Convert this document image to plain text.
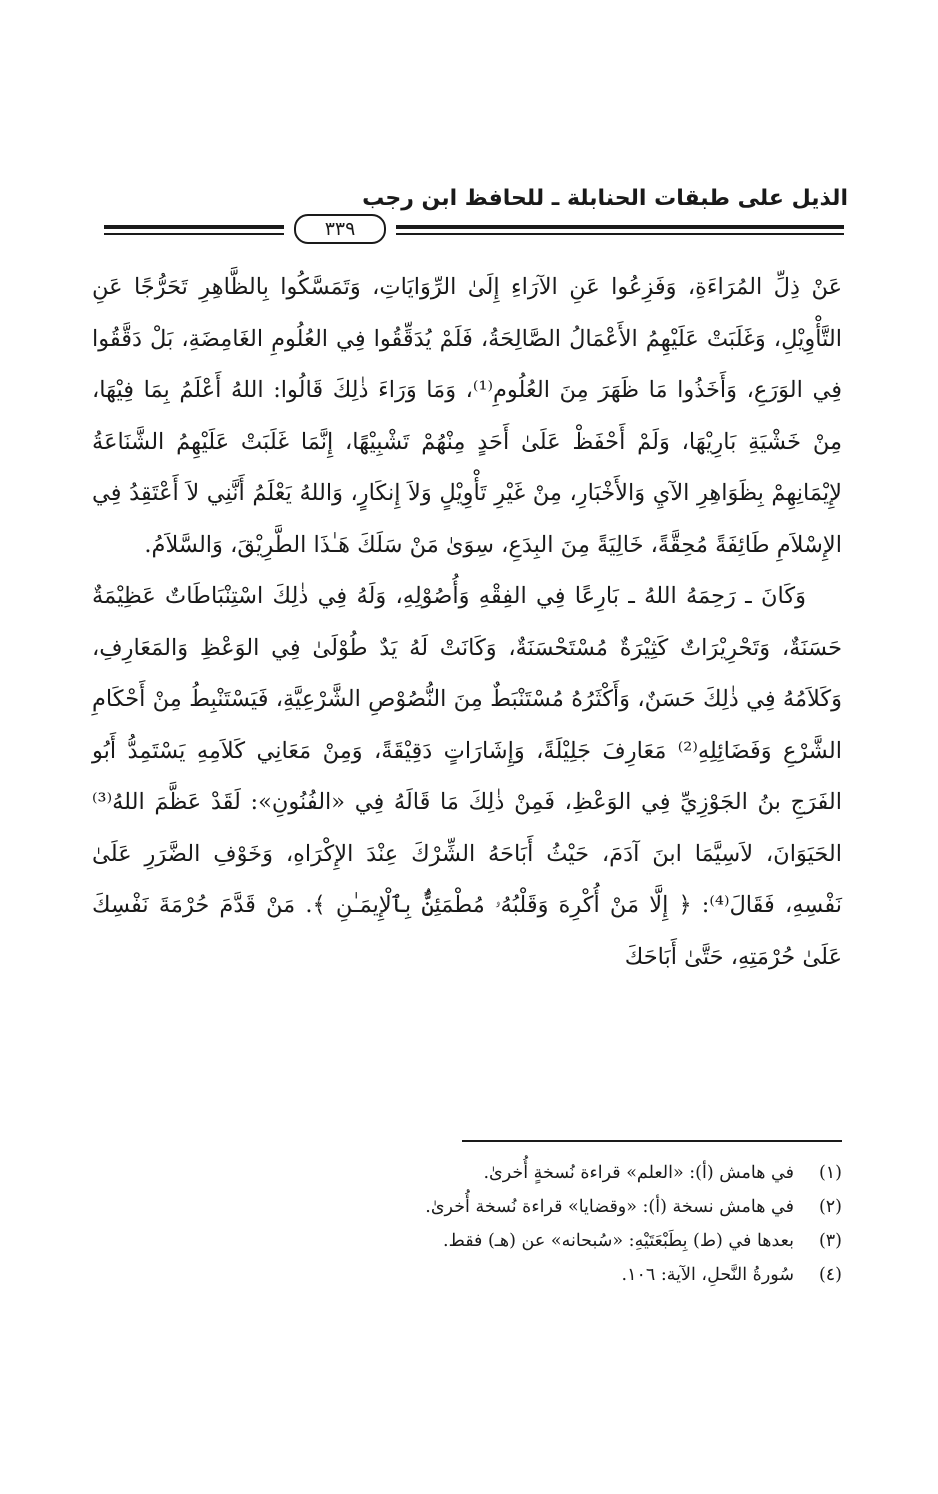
الذيل على طبقات الحنابلة ـ للحافظ ابن رجب
٣٣٩

عَنْ ذِلِّ المُرَاءَةِ، وَفَزِعُوا عَنِ الآرَاءِ إِلَىٰ الرِّوَايَاتِ، وَتَمَسَّكُوا بِالظَّاهِرِ تَحَرُّجًا عَنِ التَّأْوِيْلِ، وَغَلَبَتْ عَلَيْهِمُ الأَعْمَالُ الصَّالِحَةُ، فَلَمْ يُدَقِّقُوا فِي العُلُومِ الغَامِضَةِ، بَلْ دَقَّقُوا فِي الوَرَعِ، وَأَخَذُوا مَا ظَهَرَ مِنَ العُلُومِ⁽¹⁾، وَمَا وَرَاءَ ذٰلِكَ قَالُوا: اللهُ أَعْلَمُ بِمَا فِيْهَا، مِنْ خَشْيَةِ بَارِيْهَا، وَلَمْ أَحْفَظْ عَلَىٰ أَحَدٍ مِنْهُمْ تَشْبِيْهًا، إِنَّمَا غَلَبَتْ عَلَيْهِمُ الشَّنَاعَةُ لإِيْمَانِهِمْ بِظَوَاهِرِ الآيِ وَالأَخْبَارِ، مِنْ غَيْرِ تَأْوِيْلٍ وَلاَ إِنكَارٍ، وَاللهُ يَعْلَمُ أَنَّنِي لاَ أَعْتَقِدُ فِي الإِسْلاَمِ طَائِفَةً مُحِقَّةً، خَالِيَةً مِنَ البِدَعِ، سِوَىٰ مَنْ سَلَكَ هَـٰذَا الطَّرِيْقَ، وَالسَّلاَمُ.

وَكَانَ ـ رَحِمَهُ اللهُ ـ بَارِعًا فِي الفِقْهِ وَأُصُوْلِهِ، وَلَهُ فِي ذٰلِكَ اسْتِنْبَاطَاتٌ عَظِيْمَةٌ حَسَنَةٌ، وَتَحْرِيْرَاتٌ كَثِيْرَةٌ مُسْتَحْسَنَةٌ، وَكَانَتْ لَهُ يَدٌ طُوْلَىٰ فِي الوَعْظِ وَالمَعَارِفِ، وَكَلاَمُهُ فِي ذٰلِكَ حَسَنٌ، وَأَكْثَرُهُ مُسْتَنْبَطٌ مِنَ النُّصُوْصِ الشَّرْعِيَّةِ، فَيَسْتَنْبِطُ مِنْ أَحْكَامِ الشَّرْعِ وَفَضَائِلِهِ⁽²⁾ مَعَارِفَ جَلِيْلَةً، وَإِشَارَاتٍ دَقِيْقَةً، وَمِنْ مَعَانِي كَلاَمِهِ يَسْتَمِدُّ أَبُو الفَرَجِ بنُ الجَوْزِيِّ فِي الوَعْظِ، فَمِنْ ذٰلِكَ مَا قَالَهُ فِي «الفُنُونِ»: لَقَدْ عَظَّمَ اللهُ⁽³⁾ الحَيَوَانَ، لاَسِيَّمَا ابنَ آدَمَ، حَيْثُ أَبَاحَهُ الشِّرْكَ عِنْدَ الإِكْرَاهِ، وَخَوْفِ الضَّرَرِ عَلَىٰ نَفْسِهِ، فَقَالَ⁽⁴⁾: ﴿ إِلَّا مَنْ أُكْرِهَ وَقَلْبُهُۥ مُطْمَئِنٌّۢ بِٱلْإِيمَـٰنِ ﴾. مَنْ قَدَّمَ حُرْمَةَ نَفْسِكَ عَلَىٰ حُرْمَتِهِ، حَتَّىٰ أَبَاحَكَ

(١)
في هامش (أ): «العلم» قراءة نُسخةٍ أُخرىٰ.
(٢)
في هامش نسخة (أ): «وقضايا» قراءة نُسخة أُخرىٰ.
(٣)
بعدها في (ط) بِطَبْعَتَيْهِ: «سُبحانه» عن (هـ) فقط.
(٤)
سُورةُ النَّحلِ، الآية: ١٠٦.
